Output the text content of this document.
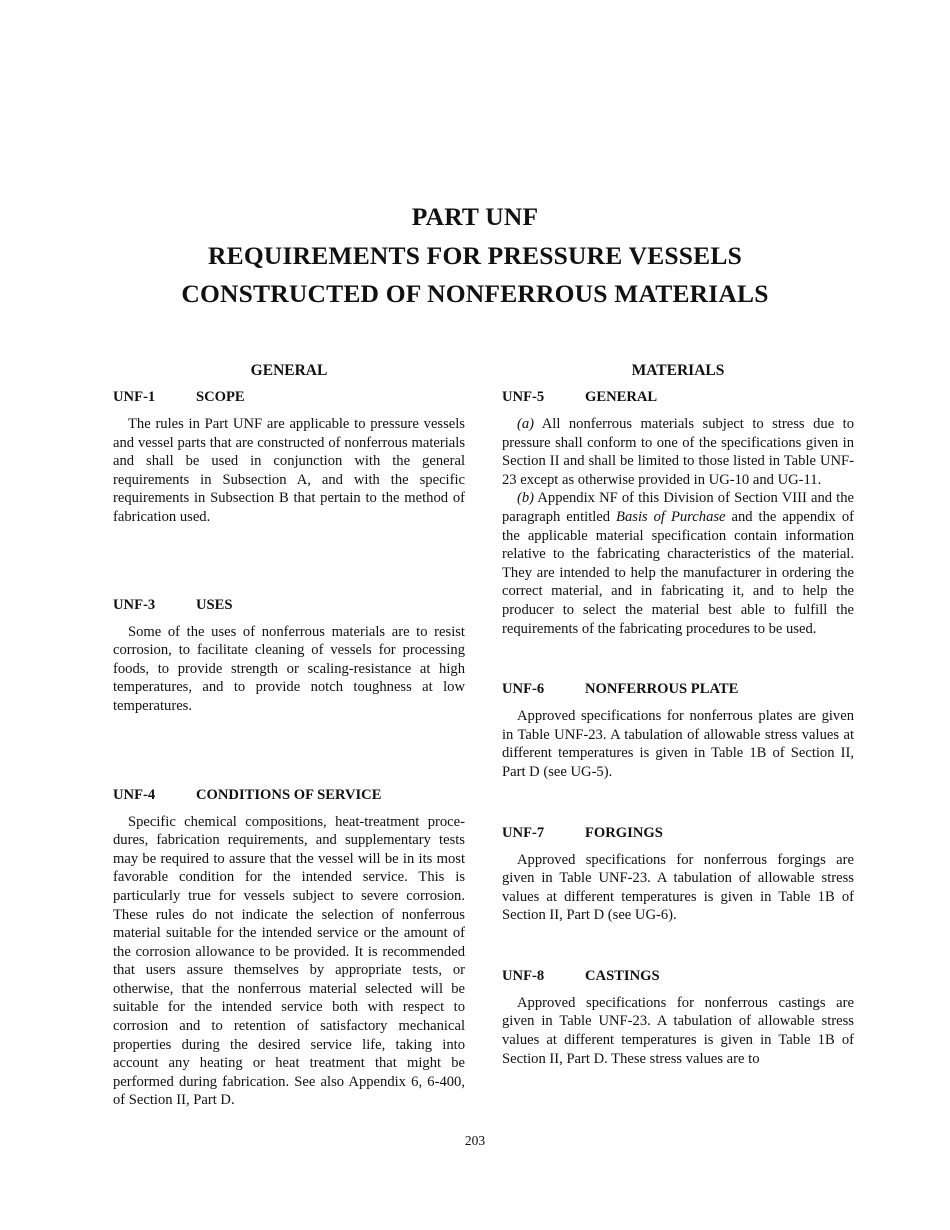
PART UNF
REQUIREMENTS FOR PRESSURE VESSELS
CONSTRUCTED OF NONFERROUS MATERIALS
GENERAL
UNF-1	SCOPE

The rules in Part UNF are applicable to pressure vessels and vessel parts that are constructed of nonferrous materials and shall be used in conjunction with the general requirements in Subsection A, and with the specific requirements in Subsection B that pertain to the method of fabrication used.

UNF-3	USES

Some of the uses of nonferrous materials are to resist corrosion, to facilitate cleaning of vessels for processing foods, to provide strength or scaling-resistance at high temperatures, and to provide notch toughness at low temperatures.

UNF-4	CONDITIONS OF SERVICE

Specific chemical compositions, heat-treatment procedures, fabrication requirements, and supplementary tests may be required to assure that the vessel will be in its most favorable condition for the intended service. This is particularly true for vessels subject to severe corrosion. These rules do not indicate the selection of nonferrous material suitable for the intended service or the amount of the corrosion allowance to be provided. It is recommended that users assure themselves by appropriate tests, or otherwise, that the nonferrous material selected will be suitable for the intended service both with respect to corrosion and to retention of satisfactory mechanical properties during the desired service life, taking into account any heating or heat treatment that might be performed during fabrication. See also Appendix 6, 6-400, of Section II, Part D.

MATERIALS
UNF-5	GENERAL

(a) All nonferrous materials subject to stress due to pressure shall conform to one of the specifications given in Section II and shall be limited to those listed in Table UNF-23 except as otherwise provided in UG-10 and UG-11.

(b) Appendix NF of this Division of Section VIII and the paragraph entitled Basis of Purchase and the appendix of the applicable material specification contain information relative to the fabricating characteristics of the material. They are intended to help the manufacturer in ordering the correct material, and in fabricating it, and to help the producer to select the material best able to fulfill the requirements of the fabricating procedures to be used.

UNF-6	NONFERROUS PLATE

Approved specifications for nonferrous plates are given in Table UNF-23. A tabulation of allowable stress values at different temperatures is given in Table 1B of Section II, Part D (see UG-5).

UNF-7	FORGINGS

Approved specifications for nonferrous forgings are given in Table UNF-23. A tabulation of allowable stress values at different temperatures is given in Table 1B of Section II, Part D (see UG-6).

UNF-8	CASTINGS

Approved specifications for nonferrous castings are given in Table UNF-23. A tabulation of allowable stress values at different temperatures is given in Table 1B of Section II, Part D. These stress values are to

203
